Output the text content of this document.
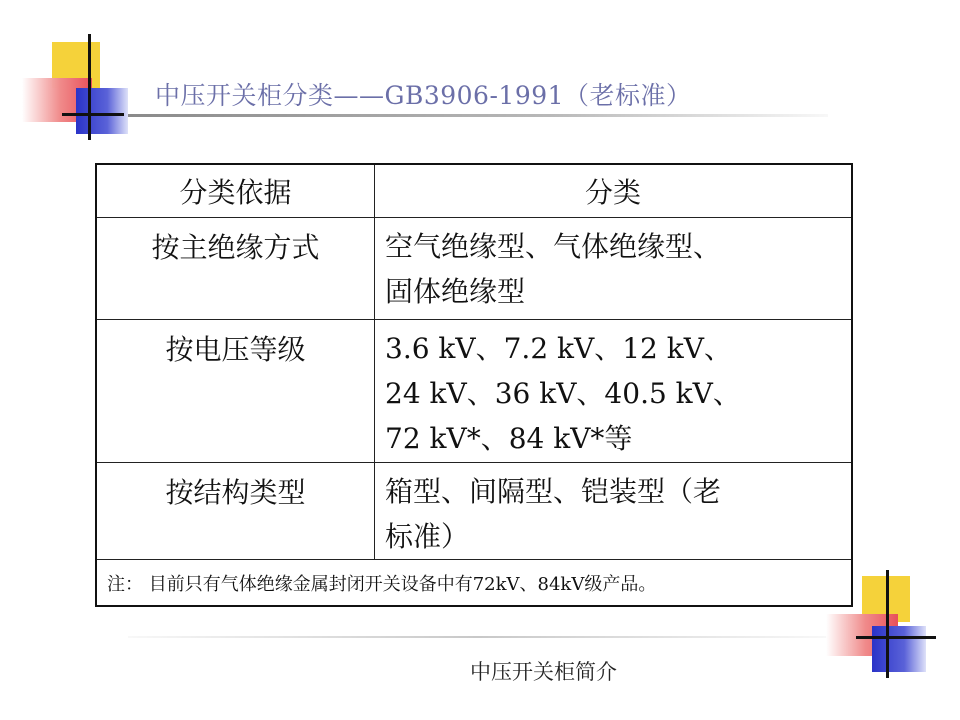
中压开关柜分类——GB3906-1991（老标准）
分类依据	分类

按主绝缘方式	空气绝缘型、气体绝缘型、
固体绝缘型

按电压等级	3.6 kV、7.2 kV、12 kV、
24 kV、36 kV、40.5 kV、
72 kV*、84 kV*等

按结构类型	箱型、间隔型、铠装型（老
标准）

注： 目前只有气体绝缘金属封闭开关设备中有72kV、84kV级产品。	
中压开关柜简介
